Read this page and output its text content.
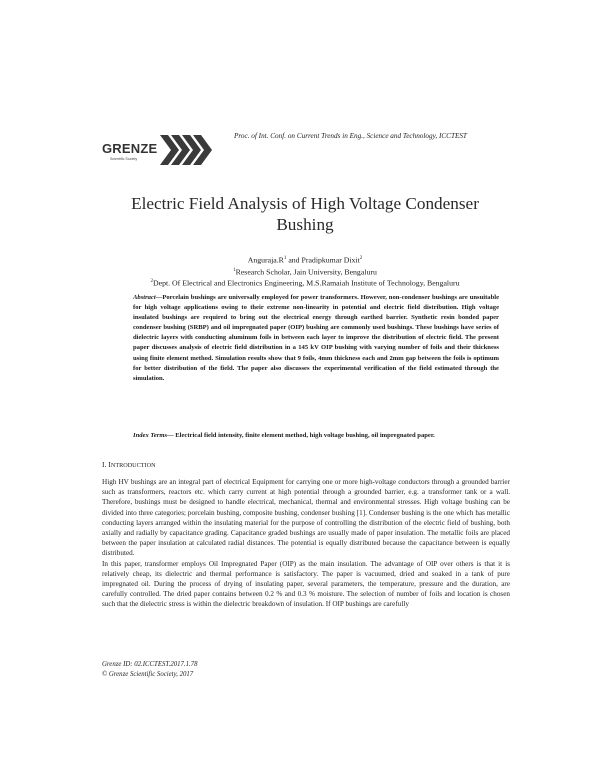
GRENZE
Scientific Society
Proc. of Int. Conf. on Current Trends in Eng., Science and Technology, ICCTEST
Electric Field Analysis of High Voltage Condenser
Bushing
$Anguraja.R^1$ and Pradipkumar Dixit$^2$
$^1$Research Scholar, Jain University, Bengaluru
$^2$Dept. Of Electrical and Electronics Engineering, M.S.Ramaiah Institute of Technology, Bengaluru
Abstract—Porcelain bushings are universally employed for power transformers. However, non-condenser bushings are unsuitable for high voltage applications owing to their extreme non-linearity in potential and electric field distribution. High voltage insulated bushings are required to bring out the electrical energy through earthed barrier. Synthetic resin bonded paper condenser bushing (SRBP) and oil impregnated paper (OIP) bushing are commonly used bushings. These bushings have series of dielectric layers with conducting aluminum foils in between each layer to improve the distribution of electric field. The present paper discusses analysis of electric field distribution in a 145 kV OIP bushing with varying number of foils and their thickness using finite element method. Simulation results show that 9 foils, 4mm thickness each and 2mm gap between the foils is optimum for better distribution of the field. The paper also discusses the experimental verification of the field estimated through the simulation.
Index Terms— Electrical field intensity, finite element method, high voltage bushing, oil impregnated paper.
I. INTRODUCTION

High HV bushings are an integral part of electrical Equipment for carrying one or more high-voltage conductors through a grounded barrier such as transformers, reactors etc. which carry current at high potential through a grounded barrier, e.g. a transformer tank or a wall. Therefore, bushings must be designed to handle electrical, mechanical, thermal and environmental stresses. High voltage bushing can be divided into three categories; porcelain bushing, composite bushing, condenser bushing [1]. Condenser bushing is the one which has metallic conducting layers arranged within the insulating material for the purpose of controlling the distribution of the electric field of bushing, both axially and radially by capacitance grading. Capacitance graded bushings are usually made of paper insulation. The metallic foils are placed between the paper insulation at calculated radial distances. The potential is equally distributed because the capacitance between is equally distributed.

In this paper, transformer employs Oil Impregnated Paper (OIP) as the main insulation. The advantage of OIP over others is that it is relatively cheap, its dielectric and thermal performance is satisfactory. The paper is vacuumed, dried and soaked in a tank of pure impregnated oil. During the process of drying of insulating paper, several parameters, the temperature, pressure and the duration, are carefully controlled. The dried paper contains between 0.2 % and 0.3 % moisture. The selection of number of foils and location is chosen such that the dielectric stress is within the dielectric breakdown of insulation. If OIP bushings are carefully

Grenze ID: 02.ICCTEST.2017.1.78
© Grenze Scientific Society, 2017
